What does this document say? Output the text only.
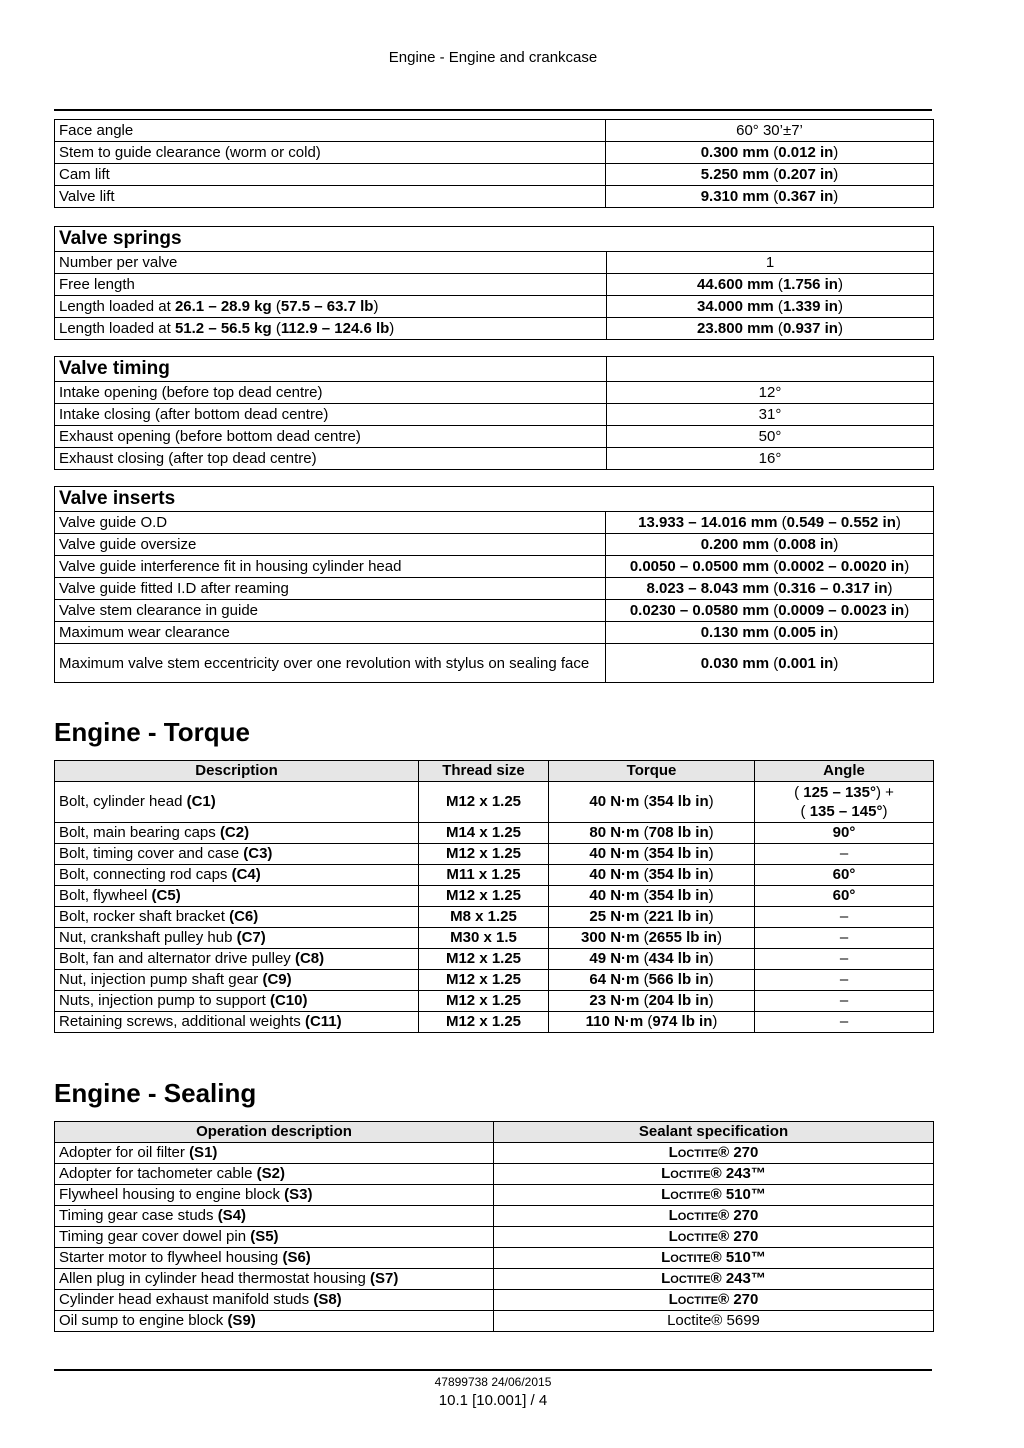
Engine - Engine and crankcase
Face angle	60° 30’±7’
Stem to guide clearance (worm or cold)	0.300 mm (0.012 in)
Cam lift	5.250 mm (0.207 in)
Valve lift	9.310 mm (0.367 in)
Valve springs	
Number per valve	1
Free length	44.600 mm (1.756 in)
Length loaded at 26.1 – 28.9 kg (57.5 – 63.7 lb)	34.000 mm (1.339 in)
Length loaded at 51.2 – 56.5 kg (112.9 – 124.6 lb)	23.800 mm (0.937 in)
Valve timing	
Intake opening (before top dead centre)	12°
Intake closing (after bottom dead centre)	31°
Exhaust opening (before bottom dead centre)	50°
Exhaust closing (after top dead centre)	16°
Valve inserts	
Valve guide O.D	13.933 – 14.016 mm (0.549 – 0.552 in)
Valve guide oversize	0.200 mm (0.008 in)
Valve guide interference fit in housing cylinder head	0.0050 – 0.0500 mm (0.0002 – 0.0020 in)
Valve guide fitted I.D after reaming	8.023 – 8.043 mm (0.316 – 0.317 in)
Valve stem clearance in guide	0.0230 – 0.0580 mm (0.0009 – 0.0023 in)
Maximum wear clearance	0.130 mm (0.005 in)
Maximum valve stem eccentricity over one revolution with stylus on sealing face	0.030 mm (0.001 in)
Engine - Torque
Description	Thread size	Torque	Angle
Bolt, cylinder head (C1)	M12 x 1.25	40 N·m (354 lb in)	( 125 – 135°) +
( 135 – 145°)
Bolt, main bearing caps (C2)	M14 x 1.25	80 N·m (708 lb in)	90°
Bolt, timing cover and case (C3)	M12 x 1.25	40 N·m (354 lb in)	–
Bolt, connecting rod caps (C4)	M11 x 1.25	40 N·m (354 lb in)	60°
Bolt, flywheel (C5)	M12 x 1.25	40 N·m (354 lb in)	60°
Bolt, rocker shaft bracket (C6)	M8 x 1.25	25 N·m (221 lb in)	–
Nut, crankshaft pulley hub (C7)	M30 x 1.5	300 N·m (2655 lb in)	–
Bolt, fan and alternator drive pulley (C8)	M12 x 1.25	49 N·m (434 lb in)	–
Nut, injection pump shaft gear (C9)	M12 x 1.25	64 N·m (566 lb in)	–
Nuts, injection pump to support (C10)	M12 x 1.25	23 N·m (204 lb in)	–
Retaining screws, additional weights (C11)	M12 x 1.25	110 N·m (974 lb in)	–
Engine - Sealing
Operation description	Sealant specification
Adopter for oil filter (S1)	Loctite® 270
Adopter for tachometer cable (S2)	Loctite® 243™
Flywheel housing to engine block (S3)	Loctite® 510™
Timing gear case studs (S4)	Loctite® 270
Timing gear cover dowel pin (S5)	Loctite® 270
Starter motor to flywheel housing (S6)	Loctite® 510™
Allen plug in cylinder head thermostat housing (S7)	Loctite® 243™
Cylinder head exhaust manifold studs (S8)	Loctite® 270
Oil sump to engine block (S9)	Loctite® 5699
47899738 24/06/2015
10.1 [10.001] / 4
